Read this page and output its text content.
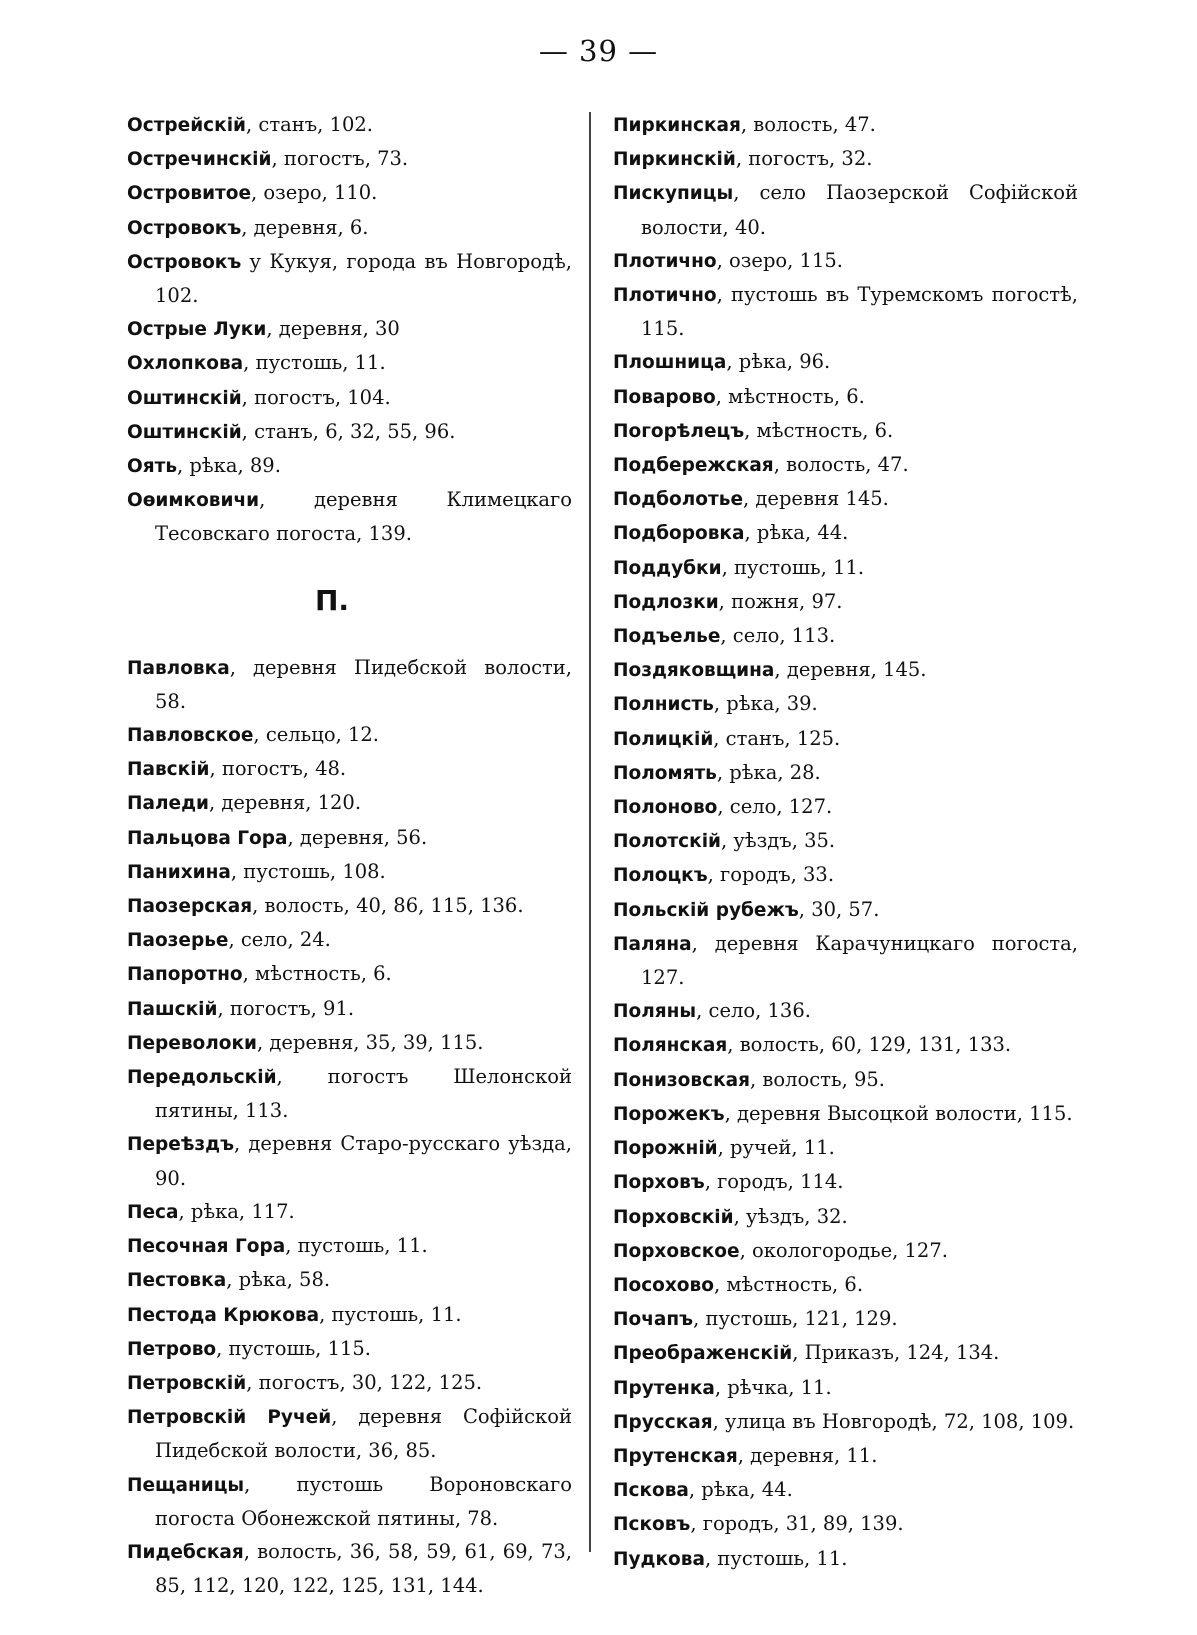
— 39 —

Острейскій, станъ, 102.

Остречинскій, погостъ, 73.

Островитое, озеро, 110.

Островокъ, деревня, 6.

Островокъ у Кукуя, города въ Новгородѣ, 102.

Острые Луки, деревня, 30

Охлопкова, пустошь, 11.

Оштинскій, погостъ, 104.

Оштинскій, станъ, 6, 32, 55, 96.

Оять, рѣка, 89.

Оѳимковичи, деревня Климецкаго Тесовскаго погоста, 139.

П.

Павловка, деревня Пидебской волости, 58.

Павловское, сельцо, 12.

Павскій, погостъ, 48.

Паледи, деревня, 120.

Пальцова Гора, деревня, 56.

Панихина, пустошь, 108.

Паозерская, волость, 40, 86, 115, 136.

Паозерье, село, 24.

Папоротно, мѣстность, 6.

Пашскій, погостъ, 91.

Переволоки, деревня, 35, 39, 115.

Передольскій, погостъ Шелонской пятины, 113.

Переѣздъ, деревня Старо-русскаго уѣзда, 90.

Песа, рѣка, 117.

Песочная Гора, пустошь, 11.

Пестовка, рѣка, 58.

Пестода Крюкова, пустошь, 11.

Петрово, пустошь, 115.

Петровскій, погостъ, 30, 122, 125.

Петровскій Ручей, деревня Софійской Пидебской волости, 36, 85.

Пещаницы, пустошь Вороновскаго погоста Обонежской пятины, 78.

Пидебская, волость, 36, 58, 59, 61, 69, 73, 85, 112, 120, 122, 125, 131, 144.

Пиркинская, волость, 47.

Пиркинскій, погостъ, 32.

Пискупицы, село Паозерской Софійской волости, 40.

Плотично, озеро, 115.

Плотично, пустошь въ Туремскомъ погостѣ, 115.

Плошница, рѣка, 96.

Поварово, мѣстность, 6.

Погорѣлецъ, мѣстность, 6.

Подбережская, волость, 47.

Подболотье, деревня 145.

Подборовка, рѣка, 44.

Поддубки, пустошь, 11.

Подлозки, пожня, 97.

Подъелье, село, 113.

Поздяковщина, деревня, 145.

Полнисть, рѣка, 39.

Полицкій, станъ, 125.

Поломять, рѣка, 28.

Полоново, село, 127.

Полотскій, уѣздъ, 35.

Полоцкъ, городъ, 33.

Польскій рубежъ, 30, 57.

Паляна, деревня Карачуницкаго погоста, 127.

Поляны, село, 136.

Полянская, волость, 60, 129, 131, 133.

Понизовская, волость, 95.

Порожекъ, деревня Высоцкой волости, 115.

Порожній, ручей, 11.

Порховъ, городъ, 114.

Порховскій, уѣздъ, 32.

Порховское, окологородье, 127.

Посохово, мѣстность, 6.

Почапъ, пустошь, 121, 129.

Преображенскій, Приказъ, 124, 134.

Прутенка, рѣчка, 11.

Прусская, улица въ Новгородѣ, 72, 108, 109.

Прутенская, деревня, 11.

Пскова, рѣка, 44.

Псковъ, городъ, 31, 89, 139.

Пудкова, пустошь, 11.
